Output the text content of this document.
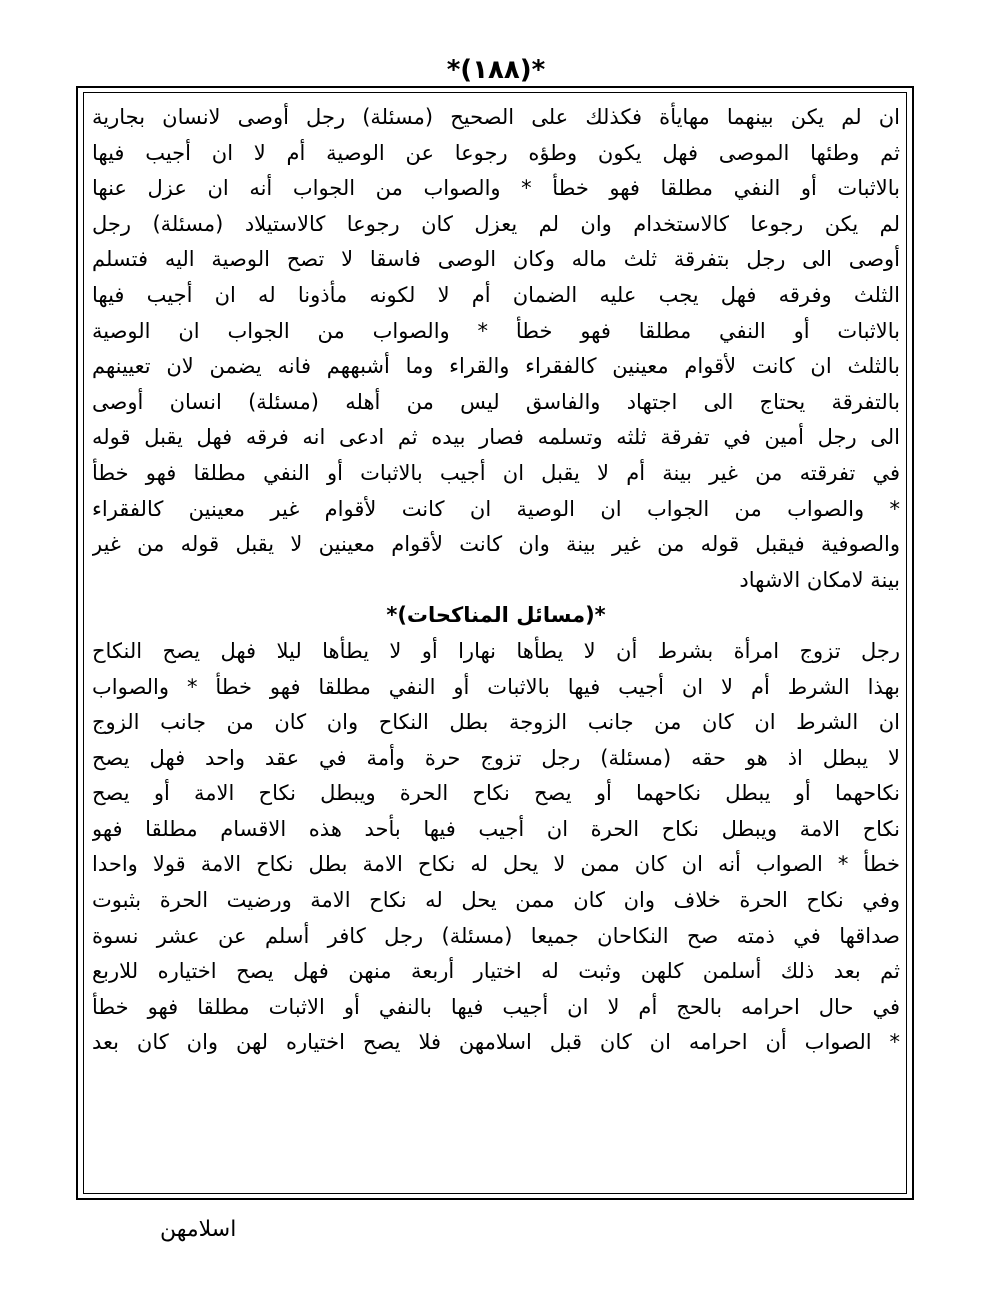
*(١٨٨)*
ان لم يكن بينهما مهايأة فكذلك على الصحيح (مسئلة) رجل أوصى لانسان بجارية
ثم وطئها الموصى فهل يكون وطؤه رجوعا عن الوصية أم لا ان أجيب فيها
بالاثبات أو النفي مطلقا فهو خطأ * والصواب من الجواب أنه ان عزل عنها
لم يكن رجوعا كالاستخدام وان لم يعزل كان رجوعا كالاستيلاد (مسئلة) رجل
أوصى الى رجل بتفرقة ثلث ماله وكان الوصى فاسقا لا تصح الوصية اليه فتسلم
الثلث وفرقه فهل يجب عليه الضمان أم لا لكونه مأذونا له ان أجيب فيها
بالاثبات أو النفي مطلقا فهو خطأ * والصواب من الجواب ان الوصية
بالثلث ان كانت لأقوام معينين كالفقراء والقراء وما أشبههم فانه يضمن لان تعيينهم
بالتفرقة يحتاج الى اجتهاد والفاسق ليس من أهله (مسئلة) انسان أوصى
الى رجل أمين في تفرقة ثلثه وتسلمه فصار بيده ثم ادعى انه فرقه فهل يقبل قوله
في تفرقته من غير بينة أم لا يقبل ان أجيب بالاثبات أو النفي مطلقا فهو خطأ
* والصواب من الجواب ان الوصية ان كانت لأقوام غير معينين كالفقراء
والصوفية فيقبل قوله من غير بينة وان كانت لأقوام معينين لا يقبل قوله من غير
بينة لامكان الاشهاد
*(مسائل المناكحات)*
رجل تزوج امرأة بشرط أن لا يطأها نهارا أو لا يطأها ليلا فهل يصح النكاح
بهذا الشرط أم لا ان أجيب فيها بالاثبات أو النفي مطلقا فهو خطأ * والصواب
ان الشرط ان كان من جانب الزوجة بطل النكاح وان كان من جانب الزوج
لا يبطل اذ هو حقه (مسئلة) رجل تزوج حرة وأمة في عقد واحد فهل يصح
نكاحهما أو يبطل نكاحهما أو يصح نكاح الحرة ويبطل نكاح الامة أو يصح
نكاح الامة ويبطل نكاح الحرة ان أجيب فيها بأحد هذه الاقسام مطلقا فهو
خطأ * الصواب أنه ان كان ممن لا يحل له نكاح الامة بطل نكاح الامة قولا واحدا
وفي نكاح الحرة خلاف وان كان ممن يحل له نكاح الامة ورضيت الحرة بثبوت
صداقها في ذمته صح النكاحان جميعا (مسئلة) رجل كافر أسلم عن عشر نسوة
ثم بعد ذلك أسلمن كلهن وثبت له اختيار أربعة منهن فهل يصح اختياره للاربع
في حال احرامه بالحج أم لا ان أجيب فيها بالنفي أو الاثبات مطلقا فهو خطأ
* الصواب أن احرامه ان كان قبل اسلامهن فلا يصح اختياره لهن وان كان بعد
اسلامهن
